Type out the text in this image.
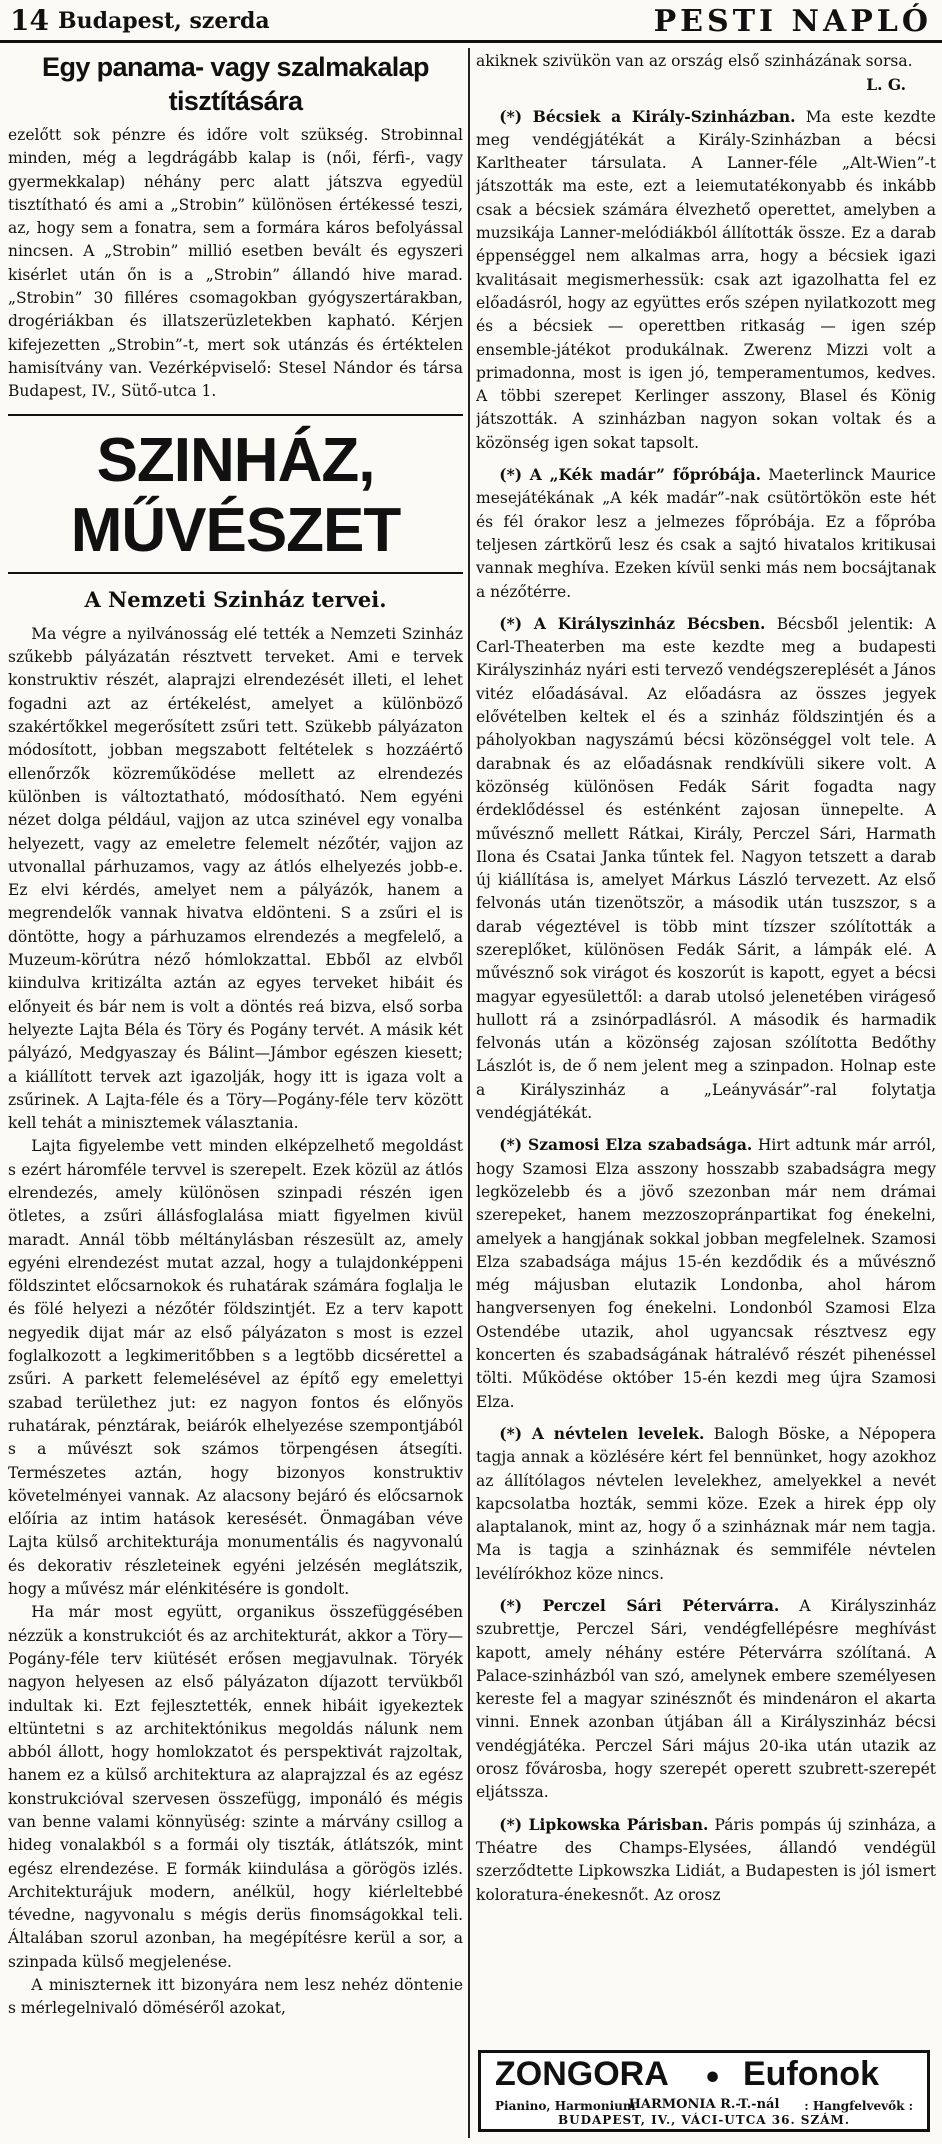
14 Budapest, szerda	PESTI NAPLÓ
Egy panama- vagy szalmakalap tisztítására

ezelőtt sok pénzre és időre volt szükség. Strobinnal minden, még a legdrágább kalap is (női, férfi-, vagy gyermekkalap) néhány perc alatt játszva egyedül tisztítható és ami a „Strobin” különösen értékessé teszi, az, hogy sem a fonatra, sem a formára káros befolyással nincsen. A „Strobin” millió esetben bevált és egyszeri kisérlet után őn is a „Strobin” állandó hive marad. „Strobin” 30 filléres csomagokban gyógyszertárakban, drogériákban és illatszerüzletekben kapható. Kérjen kifejezetten „Strobin”-t, mert sok utánzás és értéktelen hamisítvány van. Vezérképviselő: Stesel Nándor és társa Budapest, IV., Sütő-utca 1.

SZINHÁZ, MŰVÉSZET
A Nemzeti Szinház tervei.

Ma végre a nyilvánosság elé tették a Nemzeti Szinház szűkebb pályázatán résztvett terveket. Ami e tervek konstruktiv részét, alaprajzi elrendezését illeti, el lehet fogadni azt az értékelést, amelyet a különböző szakértőkkel megerősített zsűri tett. Szükebb pályázaton módosított, jobban megszabott feltételek s hozzáértő ellenőrzők közreműködése mellett az elrendezés különben is változtatható, módosítható. Nem egyéni nézet dolga például, vajjon az utca szinével egy vonalba helyezett, vagy az emeletre felemelt nézőtér, vajjon az utvonallal párhuzamos, vagy az átlós elhelyezés jobb-e. Ez elvi kérdés, amelyet nem a pályázók, hanem a megrendelők vannak hivatva eldönteni. S a zsűri el is döntötte, hogy a párhuzamos elrendezés a megfelelő, a Muzeum-körútra néző hómlokzattal. Ebből az elvből kiindulva kritizálta aztán az egyes terveket hibáit és előnyeit és bár nem is volt a döntés reá bizva, első sorba helyezte Lajta Béla és Töry és Pogány tervét. A másik két pályázó, Medgyaszay és Bálint—Jámbor egészen kiesett; a kiállított tervek azt igazolják, hogy itt is igaza volt a zsűrinek. A Lajta-féle és a Töry—Pogány-féle terv között kell tehát a minisztemek választania.

Lajta figyelembe vett minden elképzelhető megoldást s ezért háromféle tervvel is szerepelt. Ezek közül az átlós elrendezés, amely különösen szinpadi részén igen ötletes, a zsűri állásfoglalása miatt figyelmen kivül maradt. Annál több méltánylásban részesült az, amely egyéni elrendezést mutat azzal, hogy a tulajdonképpeni földszintet előcsarnokok és ruhatárak számára foglalja le és fölé helyezi a nézőtér földszintjét. Ez a terv kapott negyedik dijat már az első pályázaton s most is ezzel foglalkozott a legkimeritőbben s a legtöbb dicsérettel a zsűri. A parkett felemelésével az építő egy emelettyi szabad területhez jut: ez nagyon fontos és előnyös ruhatárak, pénztárak, beiárók elhelyezése szempontjából s a művészt sok számos törpengésen átsegíti. Természetes aztán, hogy bizonyos konstruktiv követelményei vannak. Az alacsony bejáró és előcsarnok előíria az intim hatások keresését. Önmagában véve Lajta külső architekturája monumentális és nagyvonalú és dekorativ részleteinek egyéni jelzésén meglátszik, hogy a művész már elénkitésére is gondolt.

Ha már most együtt, organikus összefüggésében nézzük a konstrukciót és az architekturát, akkor a Töry—Pogány-féle terv kiütését erősen megjavulnak. Töryék nagyon helyesen az első pályázaton díjazott tervükből indultak ki. Ezt fejlesztették, ennek hibáit igyekeztek eltüntetni s az architektónikus megoldás nálunk nem abból állott, hogy homlokzatot és perspektivát rajzoltak, hanem ez a külső architektura az alaprajzzal és az egész konstrukcióval szervesen összefügg, imponáló és mégis van benne valami könnyüség: szinte a márvány csillog a hideg vonalakból s a formái oly tiszták, átlátszók, mint egész elrendezése. E formák kiindulása a görögös izlés. Architekturájuk modern, anélkül, hogy kiérleltebbé tévedne, nagyvonalu s mégis derüs finomságokkal teli. Általában szorul azonban, ha megépítésre kerül a sor, a szinpada külső megjelenése.

A miniszternek itt bizonyára nem lesz nehéz döntenie s mérlegelnivaló döméséről azokat,

akiknek szivükön van az ország első szinházának sorsa.

L. G.

(*) Bécsiek a Király-Szinházban. Ma este kezdte meg vendégjátékát a Király-Szinházban a bécsi Karltheater társulata. A Lanner-féle „Alt-Wien”-t játszották ma este, ezt a leiemutatékonyabb és inkább csak a bécsiek számára élvezhető operettet, amelyben a muzsikája Lanner-melódiákból állították össze. Ez a darab éppenséggel nem alkalmas arra, hogy a bécsiek igazi kvalitásait megismerhessük: csak azt igazolhatta fel ez előadásról, hogy az együttes erős szépen nyilatkozott meg és a bécsiek — operettben ritkaság — igen szép ensemble-játékot produkálnak. Zwerenz Mizzi volt a primadonna, most is igen jó, temperamentumos, kedves. A többi szerepet Kerlinger asszony, Blasel és König játszották. A szinházban nagyon sokan voltak és a közönség igen sokat tapsolt.

(*) A „Kék madár” főpróbája. Maeterlinck Maurice mesejátékának „A kék madár”-nak csütörtökön este hét és fél órakor lesz a jelmezes főpróbája. Ez a főpróba teljesen zártkörű lesz és csak a sajtó hivatalos kritikusai vannak meghíva. Ezeken kívül senki más nem bocsájtanak a nézőtérre.

(*) A Királyszinház Bécsben. Bécsből jelentik: A Carl-Theaterben ma este kezdte meg a budapesti Királyszinház nyári esti tervező vendégszereplését a János vitéz előadásával. Az előadásra az összes jegyek elővételben keltek el és a szinház földszintjén és a páholyokban nagyszámú bécsi közönséggel volt tele. A darabnak és az előadásnak rendkívüli sikere volt. A közönség különösen Fedák Sárit fogadta nagy érdeklődéssel és esténként zajosan ünnepelte. A művésznő mellett Rátkai, Király, Perczel Sári, Harmath Ilona és Csatai Janka tűntek fel. Nagyon tetszett a darab új kiállítása is, amelyet Márkus László tervezett. Az első felvonás után tizenötször, a második után tuszszor, s a darab végeztével is több mint tízszer szólították a szereplőket, különösen Fedák Sárit, a lámpák elé. A művésznő sok virágot és koszorút is kapott, egyet a bécsi magyar egyesülettől: a darab utolsó jelenetében virágeső hullott rá a zsinórpadlásról. A második és harmadik felvonás után a közönség zajosan szólította Bedőthy Lászlót is, de ő nem jelent meg a szinpadon. Holnap este a Királyszinház a „Leányvásár”-ral folytatja vendégjátékát.

(*) Szamosi Elza szabadsága. Hirt adtunk már arról, hogy Szamosi Elza asszony hosszabb szabadságra megy legközelebb és a jövő szezonban már nem drámai szerepeket, hanem mezzoszopránpartikat fog énekelni, amelyek a hangjának sokkal jobban megfelelnek. Szamosi Elza szabadsága május 15-én kezdődik és a művésznő még májusban elutazik Londonba, ahol három hangversenyen fog énekelni. Londonból Szamosi Elza Ostendébe utazik, ahol ugyancsak résztvesz egy koncerten és szabadságának hátralévő részét pihenéssel tölti. Működése október 15-én kezdi meg újra Szamosi Elza.

(*) A névtelen levelek. Balogh Böske, a Népopera tagja annak a közlésére kért fel bennünket, hogy azokhoz az állítólagos névtelen levelekhez, amelyekkel a nevét kapcsolatba hozták, semmi köze. Ezek a hirek épp oly alaptalanok, mint az, hogy ő a szinháznak már nem tagja. Ma is tagja a szinháznak és semmiféle névtelen levélírókhoz köze nincs.

(*) Perczel Sári Pétervárra. A Királyszinház szubrettje, Perczel Sári, vendégfellépésre meghívást kapott, amely néhány estére Pétervárra szólítaná. A Palace-szinházból van szó, amelynek embere személyesen kereste fel a magyar szinésznőt és mindenáron el akarta vinni. Ennek azonban útjában áll a Királyszinház bécsi vendégjátéka. Perczel Sári május 20-ika után utazik az orosz fővárosba, hogy szerepét operett szubrett-szerepét eljátssza.

(*) Lipkowska Párisban. Páris pompás új szinháza, a Théatre des Champs-Elysées, állandó vendégül szerződtette Lipkowszka Lidiát, a Budapesten is jól ismert koloratura-énekesnőt. Az orosz

ZONGORA • Eufonok
Pianino, Harmonium	: Hangfelvevők :
HARMONIA R.-T.-nál
BUDAPEST, IV., VÁCI-UTCA 36. SZÁM.
